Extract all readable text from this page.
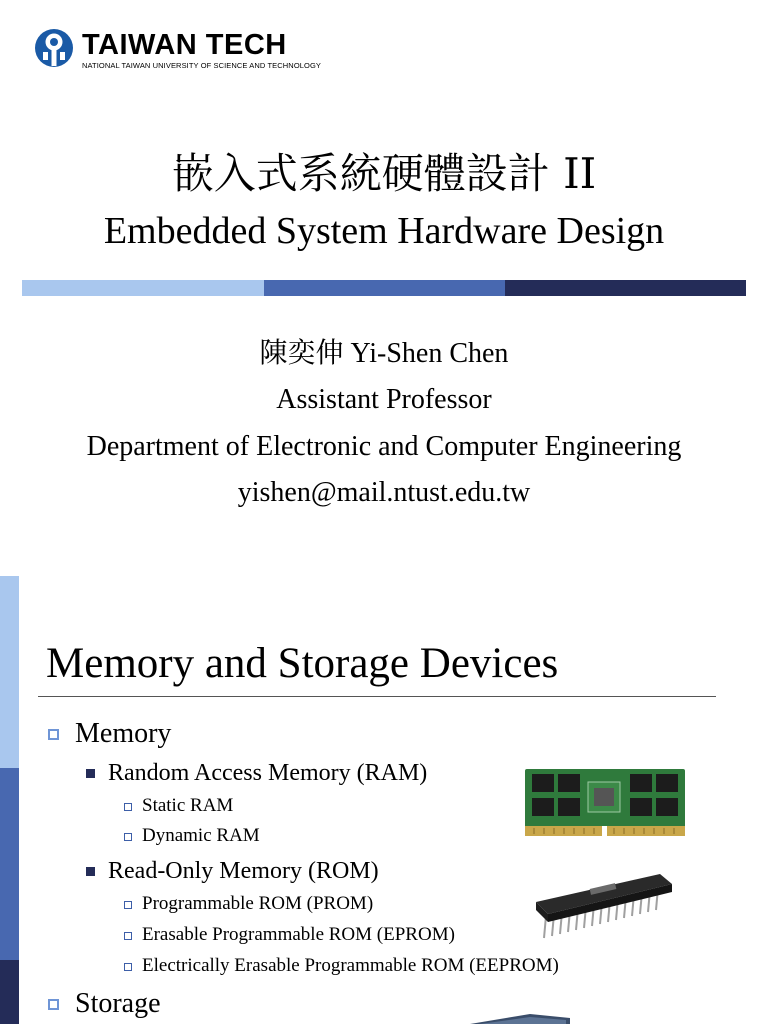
TAIWAN TECH
NATIONAL TAIWAN UNIVERSITY OF SCIENCE AND TECHNOLOGY
嵌入式系統硬體設計 II
Embedded System Hardware Design
陳奕伸 Yi-Shen Chen
Assistant Professor
Department of Electronic and Computer Engineering
yishen@mail.ntust.edu.tw
Memory and Storage Devices
Memory
Random Access Memory (RAM)
Static RAM
Dynamic RAM
Read-Only Memory (ROM)
Programmable ROM (PROM)
Erasable Programmable ROM (EPROM)
Electrically Erasable Programmable ROM (EEPROM)
Storage
